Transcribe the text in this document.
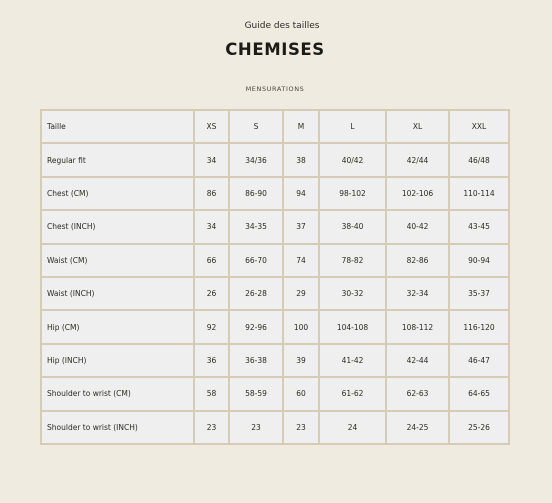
Guide des tailles
CHEMISES
MENSURATIONS
Taille	XS	S	M	L	XL	XXL
Regular fit	34	34/36	38	40/42	42/44	46/48
Chest (CM)	86	86-90	94	98-102	102-106	110-114
Chest (INCH)	34	34-35	37	38-40	40-42	43-45
Waist (CM)	66	66-70	74	78-82	82-86	90-94
Waist (INCH)	26	26-28	29	30-32	32-34	35-37
Hip (CM)	92	92-96	100	104-108	108-112	116-120
Hip (INCH)	36	36-38	39	41-42	42-44	46-47
Shoulder to wrist (CM)	58	58-59	60	61-62	62-63	64-65
Shoulder to wrist (INCH)	23	23	23	24	24-25	25-26
